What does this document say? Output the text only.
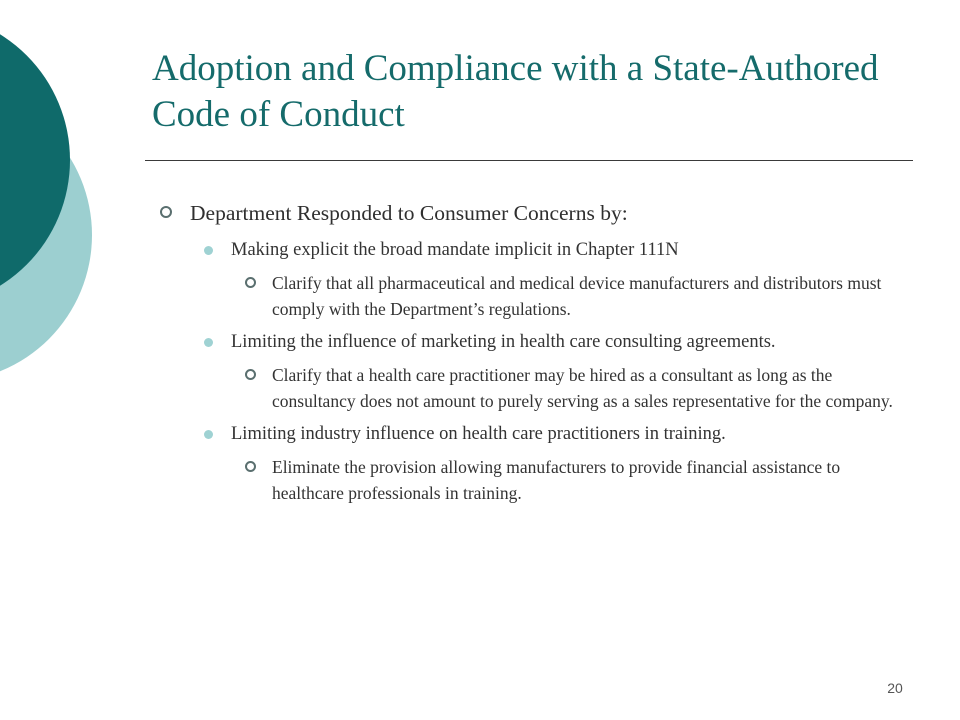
Adoption and Compliance with a State-Authored Code of Conduct
Department Responded to Consumer Concerns by:
Making explicit the broad mandate implicit in Chapter 111N
Clarify that all pharmaceutical and medical device manufacturers and distributors must comply with the Department’s regulations.
Limiting the influence of marketing in health care consulting agreements.
Clarify that a health care practitioner may be hired as a consultant as long as the consultancy does not amount to purely serving as a sales representative for the company.
Limiting industry influence on health care practitioners in training.
Eliminate the provision allowing manufacturers to provide financial assistance to healthcare professionals in training.
20
